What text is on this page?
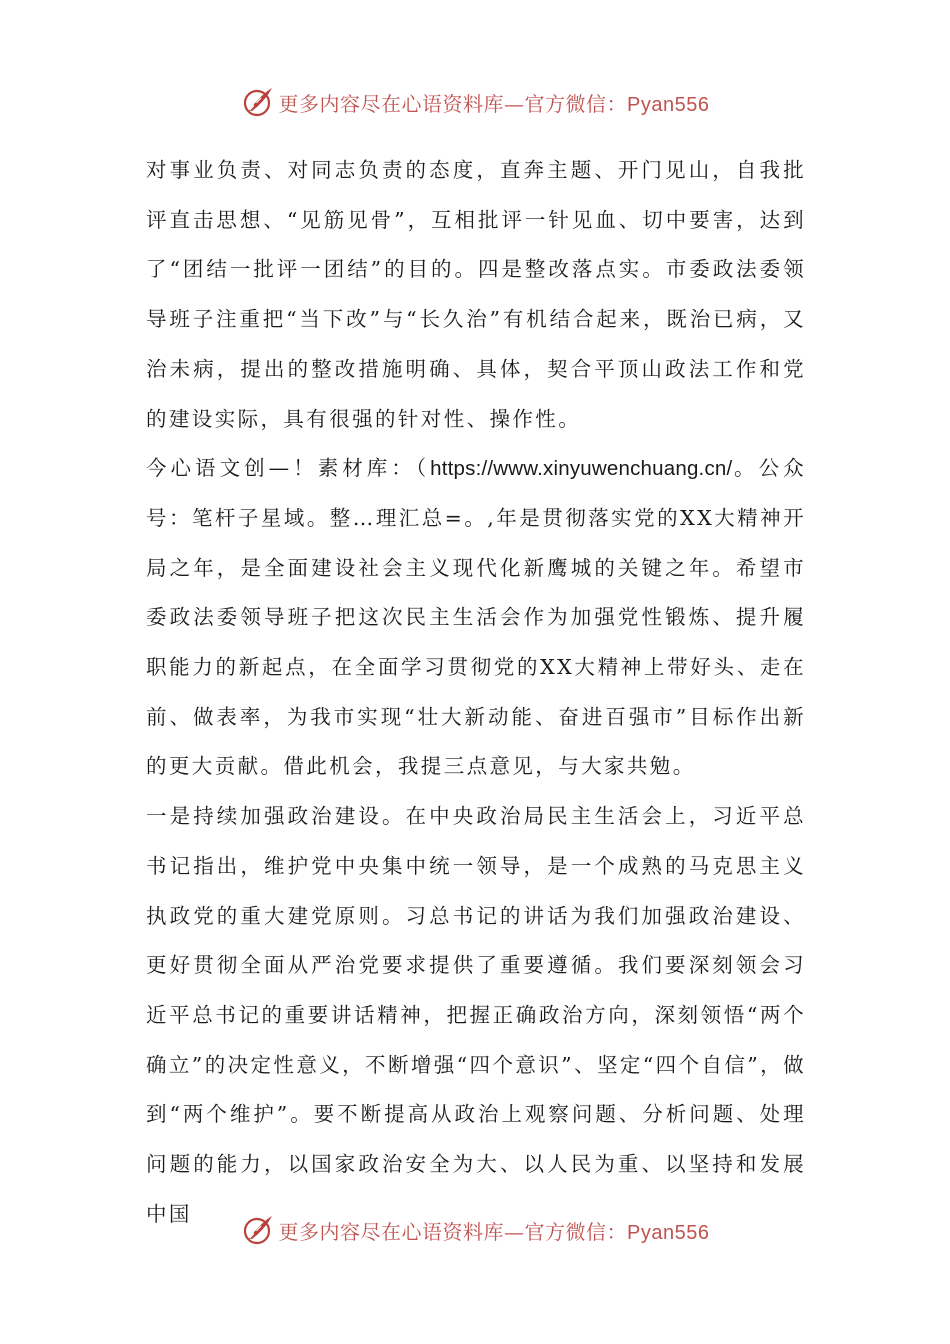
更多内容尽在心语资料库—官方微信：Pyan556

对事业负责、对同志负责的态度，直奔主题、开门见山，自我批评直击思想、“见筋见骨”，互相批评一针见血、切中要害，达到了“团结一批评一团结”的目的。四是整改落点实。市委政法委领导班子注重把“当下改”与“长久治”有机结合起来，既治已病，又治未病，提出的整改措施明确、具体，契合平顶山政法工作和党的建设实际，具有很强的针对性、操作性。

今心语文创—！素材库：（https://www.xinyuwenchuang.cn/。公众号：笔杆子星域。整…理汇总=。,年是贯彻落实党的XX大精神开局之年，是全面建设社会主义现代化新鹰城的关键之年。希望市委政法委领导班子把这次民主生活会作为加强党性锻炼、提升履职能力的新起点，在全面学习贯彻党的XX大精神上带好头、走在前、做表率，为我市实现“壮大新动能、奋进百强市”目标作出新的更大贡献。借此机会，我提三点意见，与大家共勉。

一是持续加强政治建设。在中央政治局民主生活会上，习近平总书记指出，维护党中央集中统一领导，是一个成熟的马克思主义执政党的重大建党原则。习总书记的讲话为我们加强政治建设、更好贯彻全面从严治党要求提供了重要遵循。我们要深刻领会习近平总书记的重要讲话精神，把握正确政治方向，深刻领悟“两个确立”的决定性意义，不断增强“四个意识”、坚定“四个自信”，做到“两个维护”。要不断提高从政治上观察问题、分析问题、处理问题的能力，以国家政治安全为大、以人民为重、以坚持和发展中国

更多内容尽在心语资料库—官方微信：Pyan556
